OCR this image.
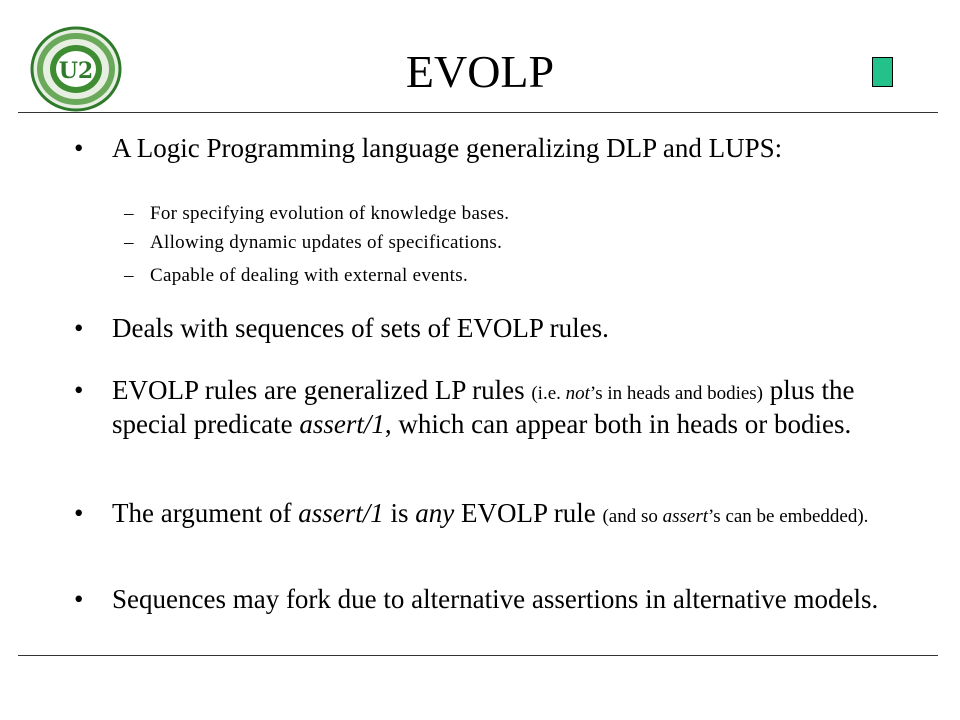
U2	EVOLP
• A Logic Programming language generalizing DLP and LUPS:
– For specifying evolution of knowledge bases.
– Allowing dynamic updates of specifications.
– Capable of dealing with external events.
• Deals with sequences of sets of EVOLP rules.
• EVOLP rules are generalized LP rules (i.e. not’s in heads and bodies) plus the special predicate assert/1, which can appear both in heads or bodies.
• The argument of assert/1 is any EVOLP rule (and so assert’s can be embedded).
• Sequences may fork due to alternative assertions in alternative models.
